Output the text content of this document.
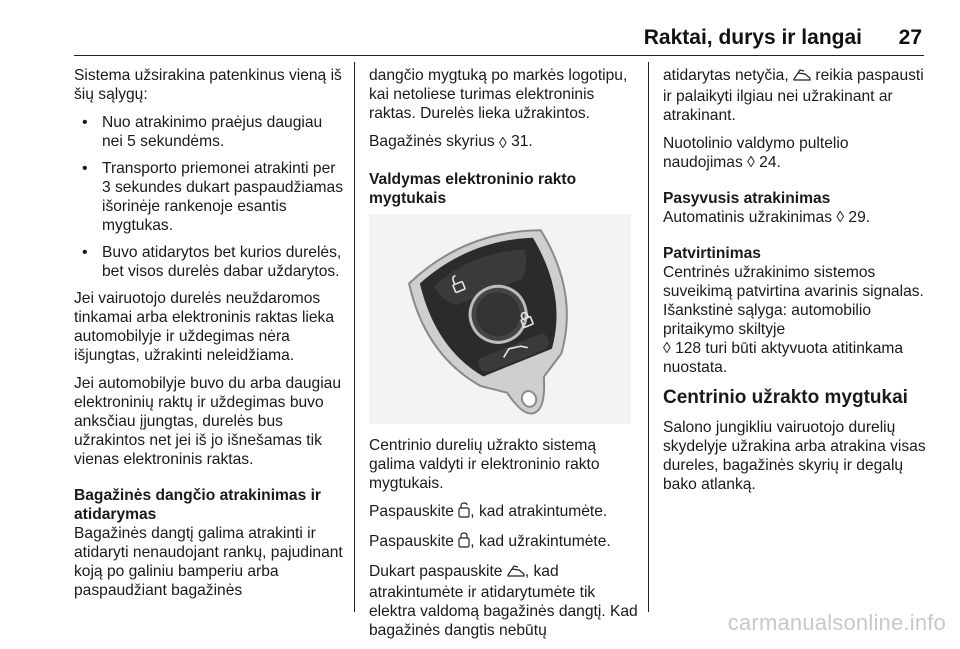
Raktai, durys ir langai 27

Sistema užsirakina patenkinus vieną iš šių sąlygų:

• Nuo atrakinimo praėjus daugiau nei 5 sekundėms.
• Transporto priemonei atrakinti per 3 sekundes dukart paspaudžiamas išorinėje rankenoje esantis mygtukas.
• Buvo atidarytos bet kurios durelės, bet visos durelės dabar uždarytos.

Jei vairuotojo durelės neuždaromos tinkamai arba elektroninis raktas lieka automobilyje ir uždegimas nėra išjungtas, užrakinti neleidžiama.

Jei automobilyje buvo du arba daugiau elektroninių raktų ir uždegimas buvo anksčiau įjungtas, durelės bus užrakintos net jei iš jo išnešamas tik vienas elektroninis raktas.

Bagažinės dangčio atrakinimas ir atidarymas

Bagažinės dangtį galima atrakinti ir atidaryti nenaudojant rankų, pajudinant koją po galiniu bamperiu arba paspaudžiant bagažinės

dangčio mygtuką po markės logotipu, kai netoliese turimas elektroninis raktas. Durelės lieka užrakintos.

Bagažinės skyrius ◊ 31.

Valdymas elektroninio rakto mygtukais

Centrinio durelių užrakto sistemą galima valdyti ir elektroninio rakto mygtukais.

Paspauskite , kad atrakintumėte.

Paspauskite , kad užrakintumėte.

Dukart paspauskite , kad atrakintumėte ir atidarytumėte tik elektra valdomą bagažinės dangtį. Kad bagažinės dangtis nebūtų

atidarytas netyčia, reikia paspausti ir palaikyti ilgiau nei užrakinant ar atrakinant.

Nuotolinio valdymo pultelio naudojimas ◊ 24.

Pasyvusis atrakinimas

Automatinis užrakinimas ◊ 29.

Patvirtinimas

Centrinės užrakinimo sistemos suveikimą patvirtina avarinis signalas. Išankstinė sąlyga: automobilio pritaikymo skiltyje
◊ 128 turi būti aktyvuota atitinkama nuostata.

Centrinio užrakto mygtukai

Salono jungikliu vairuotojo durelių skydelyje užrakina arba atrakina visas dureles, bagažinės skyrių ir degalų bako atlanką.

carmanualsonline.info
